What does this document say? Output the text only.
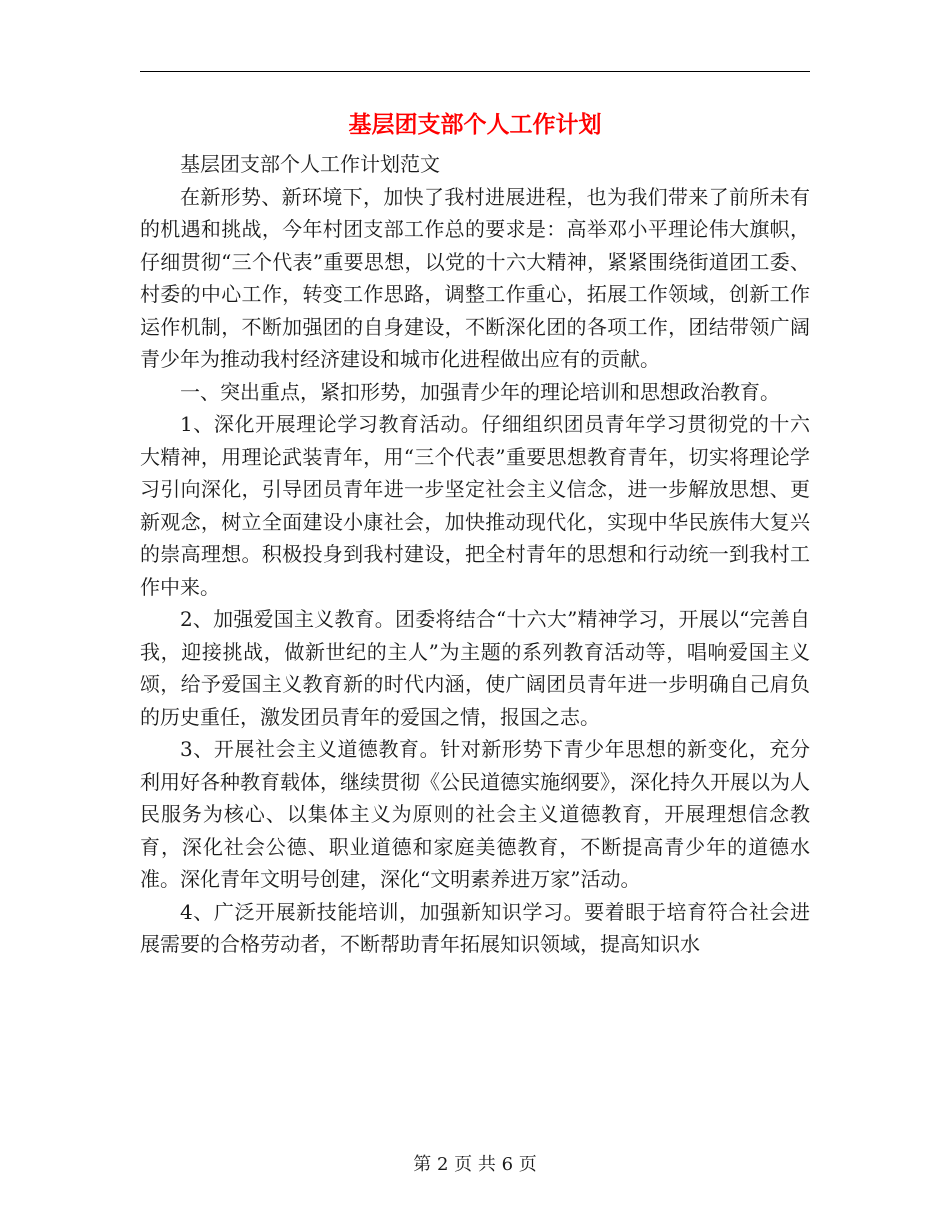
基层团支部个人工作计划

基层团支部个人工作计划范文

在新形势、新环境下，加快了我村进展进程，也为我们带来了前所未有的机遇和挑战，今年村团支部工作总的要求是：高举邓小平理论伟大旗帜，仔细贯彻“三个代表”重要思想，以党的十六大精神，紧紧围绕街道团工委、村委的中心工作，转变工作思路，调整工作重心，拓展工作领域，创新工作运作机制，不断加强团的自身建设，不断深化团的各项工作，团结带领广阔青少年为推动我村经济建设和城市化进程做出应有的贡献。

一、突出重点，紧扣形势，加强青少年的理论培训和思想政治教育。

1、深化开展理论学习教育活动。仔细组织团员青年学习贯彻党的十六大精神，用理论武装青年，用“三个代表”重要思想教育青年，切实将理论学习引向深化，引导团员青年进一步坚定社会主义信念，进一步解放思想、更新观念，树立全面建设小康社会，加快推动现代化，实现中华民族伟大复兴的崇高理想。积极投身到我村建设，把全村青年的思想和行动统一到我村工作中来。

2、加强爱国主义教育。团委将结合“十六大”精神学习，开展以“完善自我，迎接挑战，做新世纪的主人”为主题的系列教育活动等，唱响爱国主义颂，给予爱国主义教育新的时代内涵，使广阔团员青年进一步明确自己肩负的历史重任，激发团员青年的爱国之情，报国之志。

3、开展社会主义道德教育。针对新形势下青少年思想的新变化，充分利用好各种教育载体，继续贯彻《公民道德实施纲要》，深化持久开展以为人民服务为核心、以集体主义为原则的社会主义道德教育，开展理想信念教育，深化社会公德、职业道德和家庭美德教育，不断提高青少年的道德水准。深化青年文明号创建，深化“文明素养进万家”活动。

4、广泛开展新技能培训，加强新知识学习。要着眼于培育符合社会进展需要的合格劳动者，不断帮助青年拓展知识领域，提高知识水

第 2 页 共 6 页
